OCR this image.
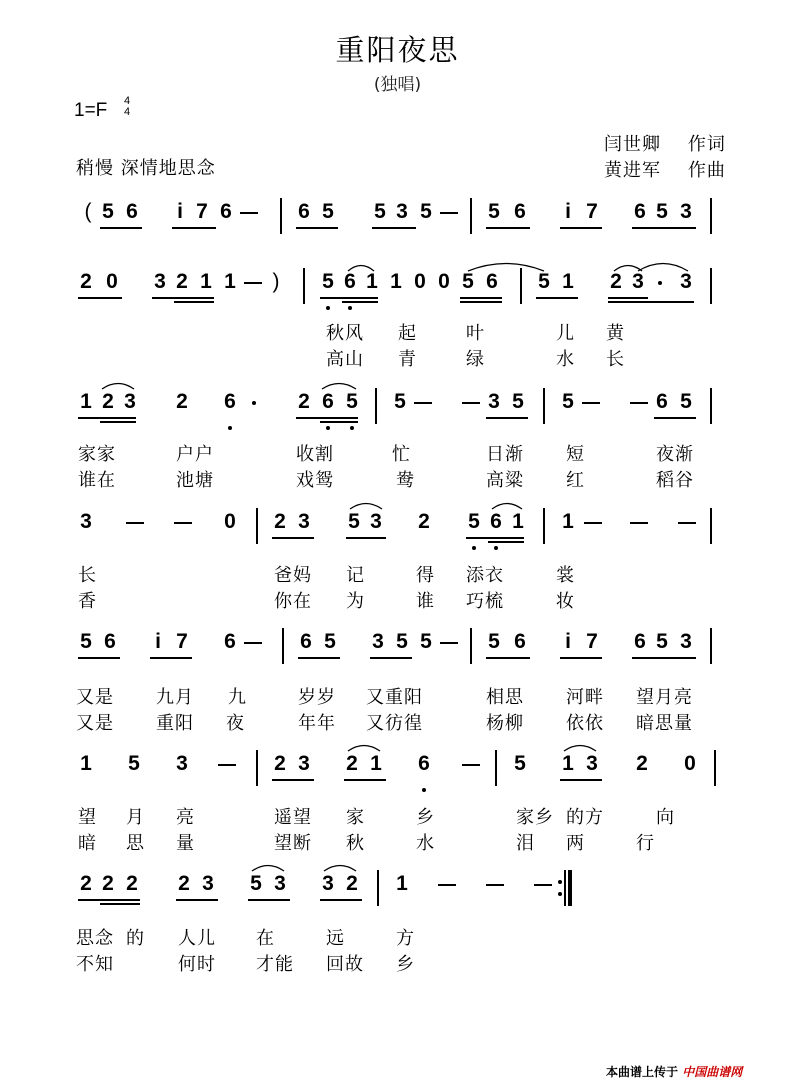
重阳夜思
(独唱)
1=F	4
4
闫世卿    作词
稍慢 深情地思念	黄进军    作曲
( 5 6 i 7 6	6 5 5 3 5	5 6 i 7 6 5 3
2 0 3 2 1 1 ) 5 6 1 1 0 0 5 6 5 1 2 3 3
秋风 起	叶	儿 黄
高山 青	绿	水 长
1 2 3 2 6	2 6 5 5	3 5 5	6 5
家家	户户	收割	忙	日渐 短	夜渐
谁在	池塘	戏鸳	鸯	高粱 红	稻谷
3	0 2 3 5 3 2 5 6 1 1
长	爸妈 记	得 添衣	裳
香	你在 为	谁 巧梳	妆
5 6 i 7 6	6 5 3 5 5	5 6 i 7 6 5 3
又是 九月 九	岁岁 又重阳	相思 河畔 望月亮
又是 重阳 夜	年年 又彷徨	杨柳 依依 暗思量
1 5 3	2 3 2 1 6	5 1 3 2 0
望 月 亮	遥望 家	乡	家乡 的方	向
暗 思 量	望断 秋	水	泪 两	行
2 2 2 2 3 5 3 3 2 1
思念 的 人儿 在	远	方
不知	何时 才能 回故 乡
本曲谱上传于 中国曲谱网
